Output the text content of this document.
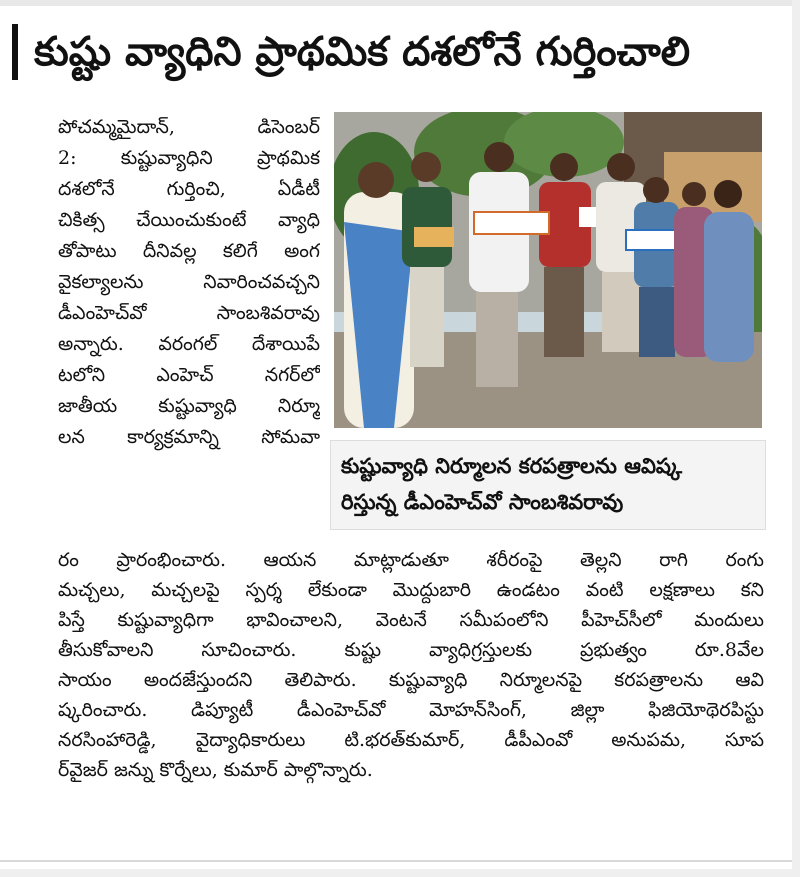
కుష్టు వ్యాధిని ప్రాథమిక దశలోనే గుర్తించాలి
పోచమ్మమైదాన్, డిసెంబర్
2: కుష్టువ్యాధిని ప్రాథమిక
దశలోనే గుర్తించి, ఏడీటీ
చికిత్స చేయించుకుంటే వ్యాధి
తోపాటు దీనివల్ల కలిగే అంగ
వైకల్యాలను నివారించవచ్చని
డీఎంహెచ్‌వో సాంబశివరావు
అన్నారు. వరంగల్ దేశాయిపే
టలోని ఎంహెచ్ నగర్‌లో
జాతీయ కుష్టువ్యాధి నిర్మూ
లన కార్యక్రమాన్ని సోమవా
కుష్టువ్యాధి నిర్మూలన కరపత్రాలను ఆవిష్క
రిస్తున్న డీఎంహెచ్‌వో సాంబశివరావు
రం ప్రారంభించారు. ఆయన మాట్లాడుతూ శరీరంపై తెల్లని రాగి రంగు
మచ్చలు, మచ్చలపై స్పర్శ లేకుండా మొద్దుబారి ఉండటం వంటి లక్షణాలు కని
పిస్తే కుష్టువ్యాధిగా భావించాలని, వెంటనే సమీపంలోని పీహెచ్‌సీలో మందులు
తీసుకోవాలని సూచించారు. కుష్టు వ్యాధిగ్రస్తులకు ప్రభుత్వం రూ.8వేల
సాయం అందజేస్తుందని తెలిపారు. కుష్టువ్యాధి నిర్మూలనపై కరపత్రాలను ఆవి
ష్కరించారు. డిప్యూటీ డీఎంహెచ్‌వో మోహన్‌సింగ్, జిల్లా ఫిజియోథెరపిస్టు
నరసింహారెడ్డి, వైద్యాధికారులు టి.భరత్‌కుమార్, డీపీఎంవో అనుపమ, సూప
ర్‌వైజర్ జన్ను కొర్నేలు, కుమార్ పాల్గొన్నారు.
